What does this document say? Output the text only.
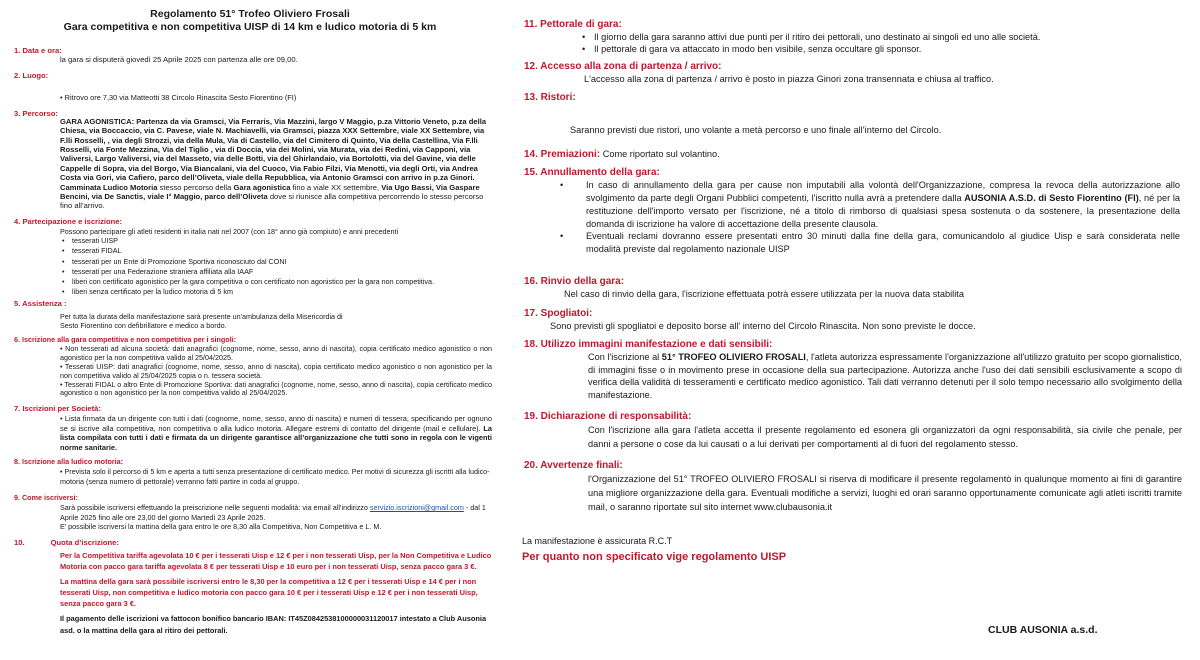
Regolamento 51° Trofeo Oliviero Frosali
Gara competitiva e non competitiva UISP di 14 km e ludico motoria di 5 km
1. Data e ora:
la gara si disputerà giovedì 25 Aprile 2025 con partenza alle ore 09,00.
2. Luogo:
• Ritrovo ore 7,30 via Matteotti 38 Circolo Rinascita Sesto Fiorentino (FI)
3. Percorso:
GARA AGONISTICA: Partenza da via Gramsci, Via Ferraris, Via Mazzini, largo V Maggio, p.za Vittorio Veneto, p.za della Chiesa, via Boccaccio, via C. Pavese, viale N. Machiavelli, via Gramsci, piazza XXX Settembre, viale XX Settembre, via F.lli Rosselli, , via degli Strozzi, via della Mula, Via di Castello, via del Cimitero di Quinto, Via della Castellina, Via F.lli Rosselli, via Fonte Mezzina, Via del Tiglio , via di Doccia, via dei Molini, via Murata, via dei Redini, via Capponi, via Valiversi, Largo Valiversi, via del Masseto, via delle Botti, via del Ghirlandaio, via Bortolotti, via del Gavine, via delle Cappelle di Sopra, via del Borgo, Via Biancalani, via del Cuoco, Via Fabio Filzi, Via Menotti, via degli Orti, via Andrea Costa via Gori, via Cafiero, parco dell’Oliveta, viale della Repubblica, via Antonio Gramsci con arrivo in p.za Ginori.
Camminata Ludico Motoria stesso percorso della Gara agonistica fino a viale XX settembre, Via Ugo Bassi, Via Gaspare Bencini, via De Sanctis, viale I° Maggio, parco dell’Oliveta dove si riunisce alla competitiva percorrendo lo stesso percorso fino all’arrivo.
4. Partecipazione e iscrizione:
Possono partecipare gli atleti residenti in italia nati nel 2007 (con 18° anno già compiuto) e anni precedenti
• tesserati UISP
• tesserati FIDAL
• tesserati per un Ente di Promozione Sportiva riconosciuto dal CONI
• tesserati per una Federazione straniera affiliata alla IAAF
• liberi con certificato agonistico per la gara competitiva o con certificato non agonistico per la gara non competitiva.
• liberi senza certificato per la ludico motoria di 5 km
5. Assistenza :
Per tutta la durata della manifestazione sarà presente un'ambulanza della Misericordia di Sesto Fiorentino con defibrillatore e medico a bordo.
6. Iscrizione alla gara competitiva e non competitiva per i singoli:
• Non tesserati ad alcuna società: dati anagrafici (cognome, nome, sesso, anno di nascita), copia certificato medico agonistico o non agonistico per la non competitiva valido al 25/04/2025.
• Tesserati UISP: dati anagrafici (cognome, nome, sesso, anno di nascita), copia certificato medico agonistico o non agonistico per la non competitiva valido al 25/04/2025 copia o n. tessera società.
• Tesserati FIDAL o altro Ente di Promozione Sportiva: dati anagrafici (cognome, nome, sesso, anno di nascita), copia certificato medico agonistico o non agonistico per la non competitiva valido al 25/04/2025.
7. Iscrizioni per Società:
• Lista firmata da un dirigente con tutti i dati (cognome, nome, sesso, anno di nascita) e numeri di tessera, specificando per ognuno se si iscrive alla competitiva, non competitiva o alla ludico motoria. Allegare estremi di contatto del dirigente (mail e cellulare). La lista compilata con tutti i dati e firmata da un dirigente garantisce all’organizzazione che tutti sono in regola con le vigenti norme sanitarie.
8. Iscrizione alla ludico motoria:
• Prevista solo il percorso di 5 km e aperta a tutti senza presentazione di certificato medico. Per motivi di sicurezza gli iscritti alla ludico-motoria (senza numero di pettorale) verranno fatti partire in coda al gruppo.
9. Come iscriversi:
Sarà possibile iscriversi effettuando la preiscrizione nelle seguenti modalità: via email all’indirizzo servizio.iscrizioni@gmail.com - dal 1 Aprile 2025 fino alle ore 23,00 del giorno Martedì 23 Aprile 2025.
E’ possibile iscriversi la mattina della gara entro le ore 8,30 alla Competitiva, Non Competitiva e L. M.
10.	Quota d’iscrizione:
Per la Competitiva tariffa agevolata 10 € per i tesserati Uisp e 12 € per i non tesserati Uisp, per la Non Competitiva e Ludico Motoria con pacco gara tariffa agevolata 8 € per tesserati Uisp e 10 euro per i non tesserati Uisp, senza pacco gara 3 €.
La mattina della gara sarà possibile iscriversi entro le 8,30 per la competitiva a 12 € per i tesserati Uisp e 14 € per i non tesserati Uisp, non competitiva e ludico motoria con pacco gara 10 € per i tesserati Uisp e 12 € per i non tesserati Uisp, senza pacco gara 3 €.
Il pagamento delle iscrizioni va fattocon bonifico bancario IBAN: IT45Z0842538100000031120017 intestato a Club Ausonia asd. o la mattina della gara al ritiro dei pettorali.
11. Pettorale di gara:
• Il giorno della gara saranno attivi due punti per il ritiro dei pettorali, uno destinato ai singoli ed uno alle società.
• Il pettorale di gara va attaccato in modo ben visibile, senza occultare gli sponsor.
12. Accesso alla zona di partenza / arrivo:
L'accesso alla zona di partenza / arrivo è posto in piazza Ginori zona transennata e chiusa al traffico.
13. Ristori:
Saranno previsti due ristori, uno volante a metà percorso e uno finale all’interno del Circolo.
14. Premiazioni: Come riportato sul volantino.
15. Annullamento della gara:
• In caso di annullamento della gara per cause non imputabili alla volontà dell'Organizzazione, compresa la revoca della autorizzazione allo svolgimento da parte degli Organi Pubblici competenti, l'iscritto nulla avrà a pretendere dalla AUSONIA A.S.D. di Sesto Fiorentino (FI), né per la restituzione dell'importo versato per l'iscrizione, né a titolo di rimborso di qualsiasi spesa sostenuta o da sostenere, la presentazione della domanda di iscrizione ha valore di accettazione della presente clausola.
• Eventuali reclami dovranno essere presentati entro 30 minuti dalla fine della gara, comunicandolo al giudice Uisp e sarà considerata nelle modalità previste dal regolamento nazionale UISP
16. Rinvio della gara:
Nel caso di rinvio della gara, l'iscrizione effettuata potrà essere utilizzata per la nuova data stabilita
17. Spogliatoi:
Sono previsti gli spogliatoi e deposito borse all’ interno del Circolo Rinascita. Non sono previste le docce.
18. Utilizzo immagini manifestazione e dati sensibili:
Con l'iscrizione al 51° TROFEO OLIVIERO FROSALI, l'atleta autorizza espressamente l'organizzazione all'utilizzo gratuito per scopo giornalistico, di immagini fisse o in movimento prese in occasione della sua partecipazione. Autorizza anche l'uso dei dati sensibili esclusivamente a scopo di verifica della validità di tesseramenti e certificato medico agonistico. Tali dati verranno detenuti per il solo tempo necessario allo svolgimento della manifestazione.
19. Dichiarazione di responsabilità:
Con l'iscrizione alla gara l'atleta accetta il presente regolamento ed esonera gli organizzatori da ogni responsabilità, sia civile che penale, per danni a persone o cose da lui causati o a lui derivati per comportamenti al di fuori del regolamento stesso.
20. Avvertenze finali:
l'Organizzazione del 51° TROFEO OLIVIERO FROSALI si riserva di modificare il presente regolamentò in qualunque momento ai fini di garantire una migliore organizzazione della gara. Eventuali modifiche a servizi, luoghi ed orari saranno opportunamente comunicate agli atleti iscritti tramite mail, o saranno riportate sul sito internet www.clubausonia.it
La manifestazione è assicurata R.C.T
Per quanto non specificato vige regolamento UISP
CLUB AUSONIA a.s.d.
